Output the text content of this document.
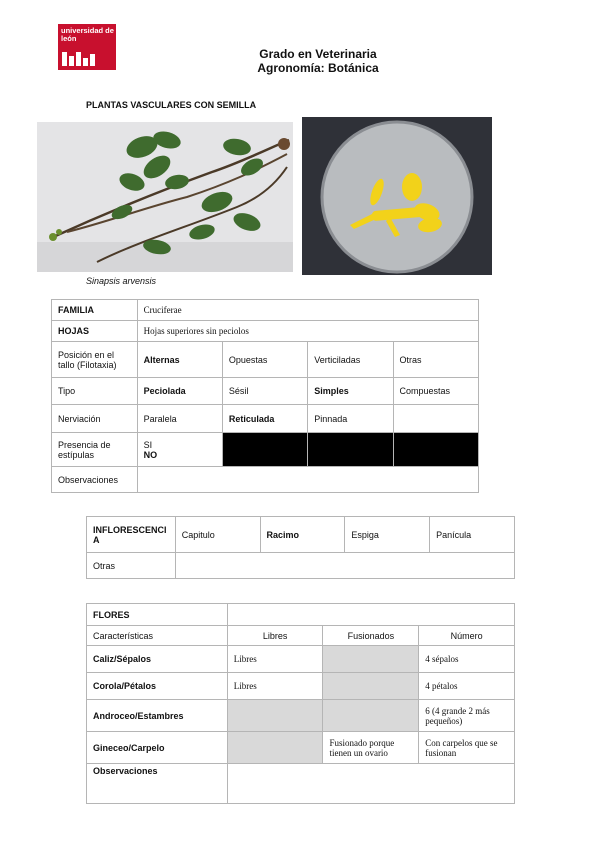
universidad de león
Grado en Veterinaria
Agronomía: Botánica
PLANTAS VASCULARES CON SEMILLA
Sinapsis arvensis
FAMILIA	Cruciferae			
HOJAS	Hojas superiores sin peciolos			
Posición en el tallo (Filotaxia)	Alternas	Opuestas	Verticiladas	Otras
Tipo	Peciolada	Sésil	Simples	Compuestas
Nerviación	Paralela	Reticulada	Pinnada	
Presencia de estípulas	SI
NO			

Observaciones				
INFLORESCENCIA	Capitulo	Racimo	Espiga	Panícula
Otras				
FLORES			
Características	Libres	Fusionados	Número
Caliz/Sépalos	Libres		4 sépalos
Corola/Pétalos	Libres		4 pétalos
Androceo/Estambres			6 (4 grande 2 más pequeños)
Gineceo/Carpelo		Fusionado porque tienen un ovario	Con carpelos que se fusionan
Observaciones			
